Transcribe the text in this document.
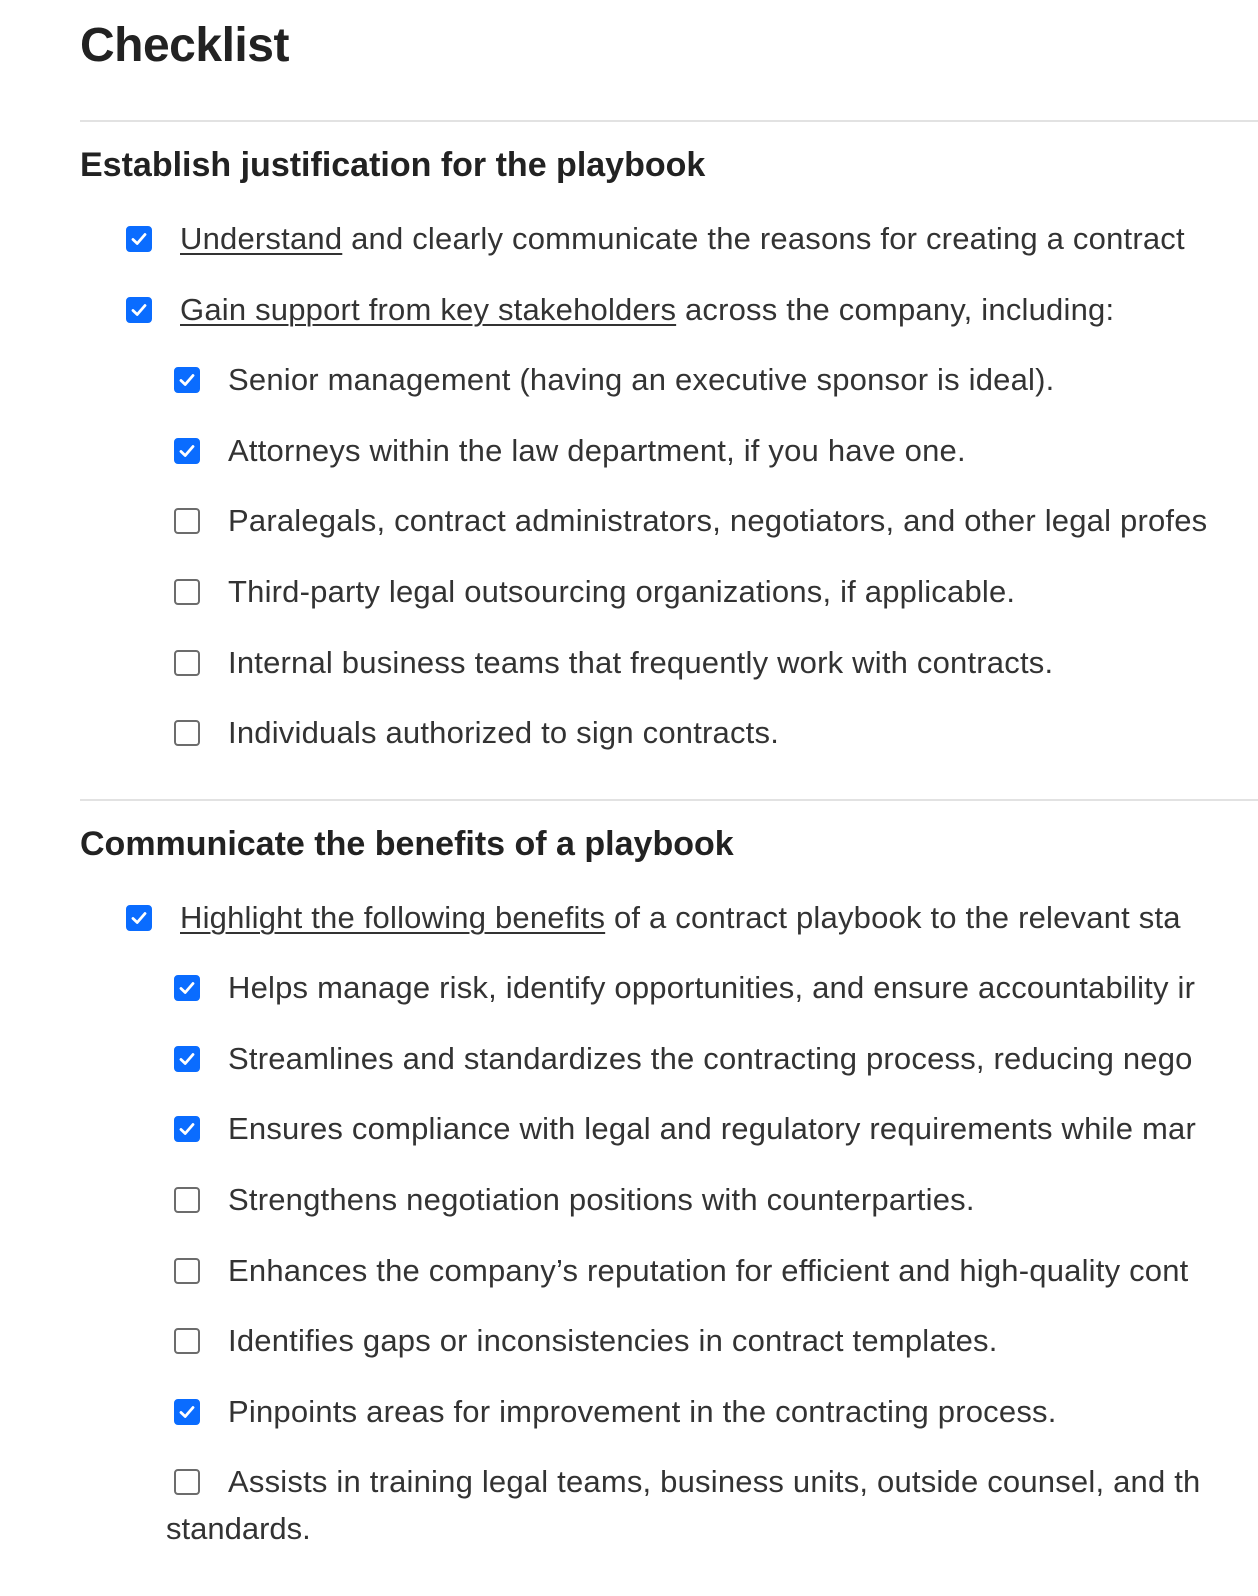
Checklist
Establish justification for the playbook
Understand and clearly communicate the reasons for creating a contract
Gain support from key stakeholders across the company, including:
Senior management (having an executive sponsor is ideal).
Attorneys within the law department, if you have one.
Paralegals, contract administrators, negotiators, and other legal profes
Third-party legal outsourcing organizations, if applicable.
Internal business teams that frequently work with contracts.
Individuals authorized to sign contracts.
Communicate the benefits of a playbook
Highlight the following benefits of a contract playbook to the relevant sta
Helps manage risk, identify opportunities, and ensure accountability ir
Streamlines and standardizes the contracting process, reducing nego
Ensures compliance with legal and regulatory requirements while mar
Strengthens negotiation positions with counterparties.
Enhances the company’s reputation for efficient and high-quality cont
Identifies gaps or inconsistencies in contract templates.
Pinpoints areas for improvement in the contracting process.
Assists in training legal teams, business units, outside counsel, and th
standards.
